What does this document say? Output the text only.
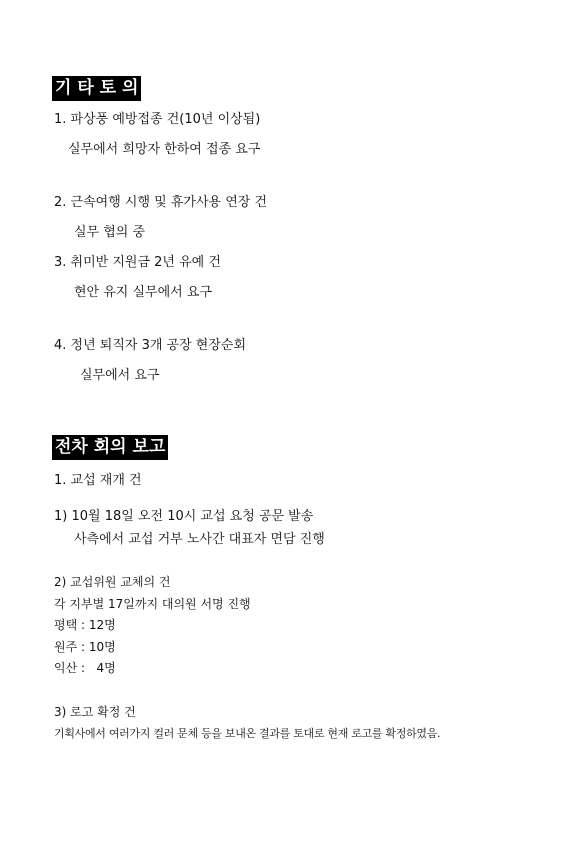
기 타 토 의
1. 파상풍 예방접종 건(10년 이상됨)
실무에서 희망자 한하여 접종 요구
2. 근속여행 시행 및 휴가사용 연장 건
실무 협의 중
3. 취미반 지원금 2년 유예 건
현안 유지 실무에서 요구
4. 정년 퇴직자 3개 공장 현장순회
실무에서 요구
전차 회의 보고
1. 교섭 재개 건
1) 10월 18일 오전 10시 교섭 요청 공문 발송
사측에서 교섭 거부 노사간 대표자 면담 진행
2) 교섭위원 교체의 건
각 지부별 17일까지 대의원 서명 진행
평택 : 12명
원주 : 10명
익산 :   4명
3) 로고 확정 건
기획사에서 여러가지 컬러 문체 등을 보내온 결과를 토대로 현재 로고를 확정하였음.
